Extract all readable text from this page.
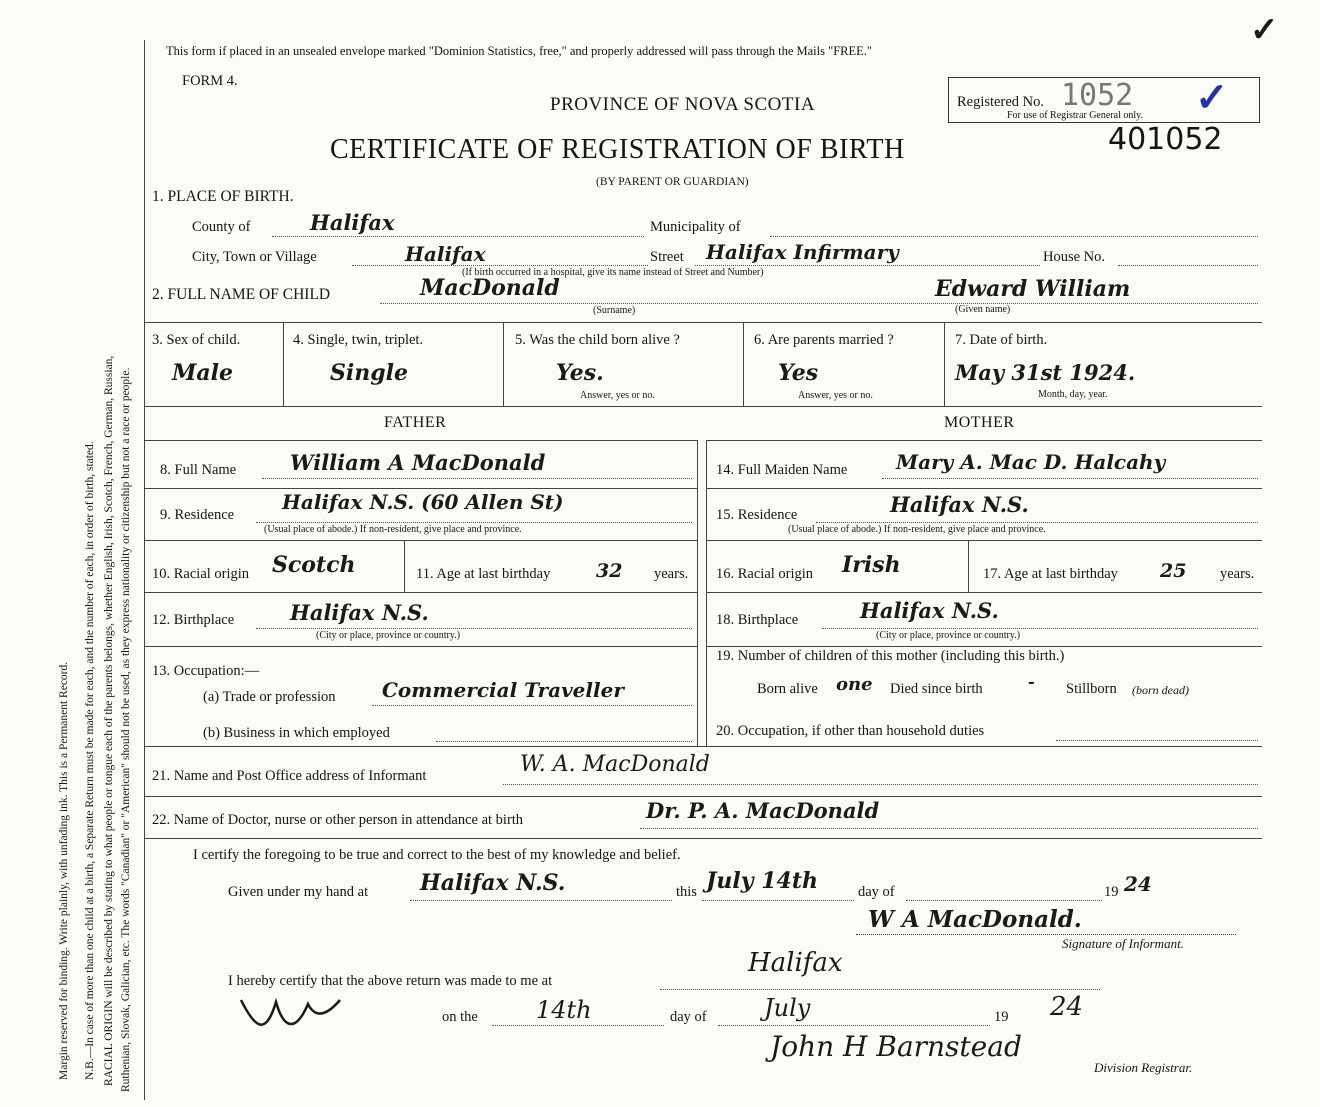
Margin reserved for binding. Write plainly, with unfading ink. This is a Permanent Record. N.B.—In case of more than one child at a birth, a Separate Return must be made for each, and the number of each, in order of birth, stated. RACIAL ORIGIN will be described by stating to what people or tongue each of the parents belongs, whether English, Irish, Scotch, French, German, Russian, Ruthenian, Slovak, Galician, etc. The words "Canadian" or "American" should not be used, as they express nationality or citizenship but not a race or people.
This form if placed in an unsealed envelope marked "Dominion Statistics, free," and properly addressed will pass through the Mails "FREE."
FORM 4.
PROVINCE OF NOVA SCOTIA
CERTIFICATE OF REGISTRATION OF BIRTH
(BY PARENT OR GUARDIAN)
Registered No. 1052
For use of Registrar General only. ✓
✓
401052
1. PLACE OF BIRTH.
County of	Halifax	Municipality of
City, Town or Village	Halifax	Street Halifax Infirmary	House No.
(If birth occurred in a hospital, give its name instead of Street and Number)
2. FULL NAME OF CHILD	MacDonald
(Surname)
Edward William
(Given name)
3. Sex of child.
Male
4. Single, twin, triplet.
Single
5. Was the child born alive ?
Yes.
Answer, yes or no.
6. Are parents married ?
Yes
Answer, yes or no.
7. Date of birth.
May 31st 1924.
Month, day, year.
FATHER	MOTHER
8. Full Name	William A MacDonald
9. Residence
Halifax N.S. (60 Allen St)
(Usual place of abode.) If non-resident, give place and province.
10. Racial origin Scotch	11. Age at last birthday 32 years.
12. Birthplace	Halifax N.S.
(City or place, province or country.)
13. Occupation:—
(a) Trade or profession Commercial Traveller
(b) Business in which employed
14. Full Maiden Name Mary A. Mac D. Halcahy
15. Residence	Halifax N.S.
(Usual place of abode.) If non-resident, give place and province.
16. Racial origin Irish	17. Age at last birthday 25 years.
18. Birthplace	Halifax N.S.
(City or place, province or country.)
19. Number of children of this mother (including this birth.)
Born alive one Died since birth	- Stillborn (born dead)
20. Occupation, if other than household duties
21. Name and Post Office address of Informant	W. A. MacDonald
22. Name of Doctor, nurse or other person in attendance at birth	Dr. P. A. MacDonald
I certify the foregoing to be true and correct to the best of my knowledge and belief.
Given under my hand at Halifax N.S.	this July 14th	day of	19 24
W A MacDonald.
Signature of Informant.
I hereby certify that the above return was made to me at
Halifax
on the 14th	day of July	19 24
John H Barnstead
Division Registrar.
